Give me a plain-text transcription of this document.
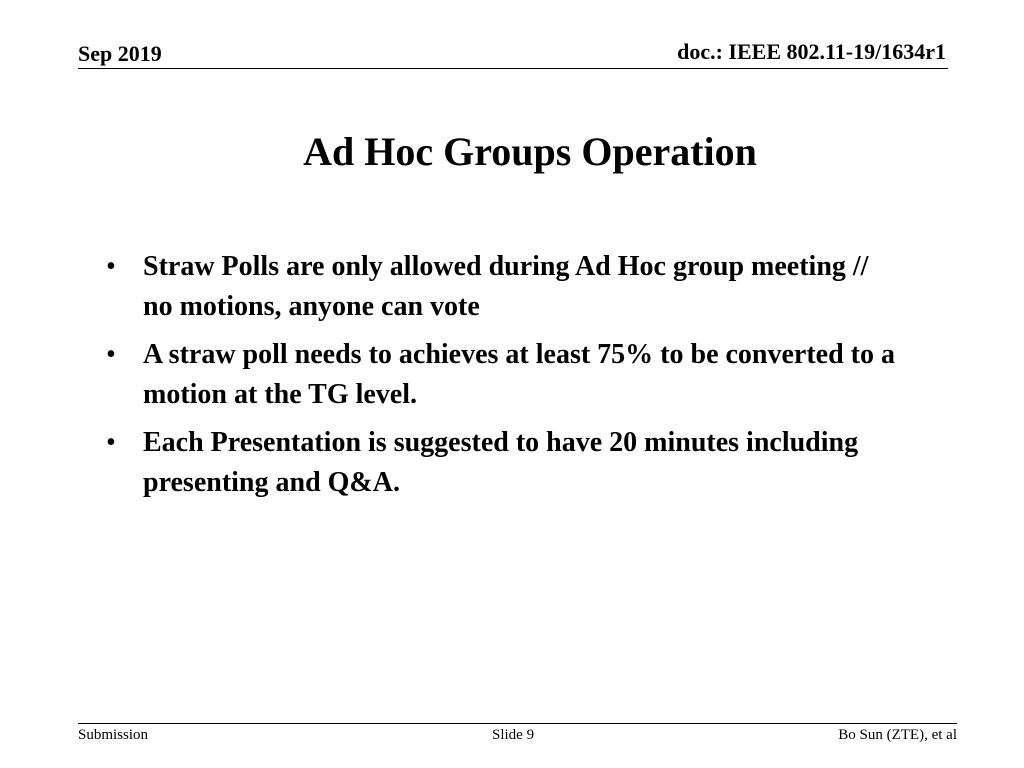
Sep 2019	doc.: IEEE 802.11-19/1634r1
Ad Hoc Groups Operation
• Straw Polls are only allowed during Ad Hoc group meeting // no motions, anyone can vote
• A straw poll needs to achieves at least 75% to be converted to a motion at the TG level.
• Each Presentation is suggested to have 20 minutes including presenting and Q&A.
Submission	Slide 9	Bo Sun (ZTE), et al
